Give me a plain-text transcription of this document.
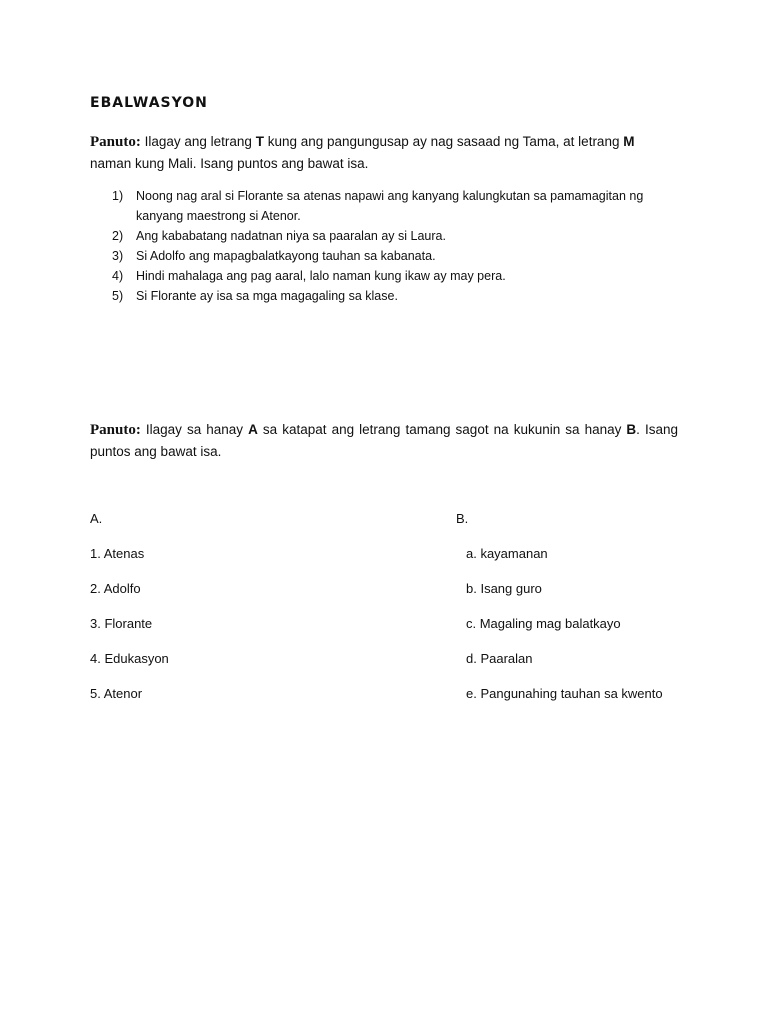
EBALWASYON
Panuto: Ilagay ang letrang T kung ang pangungusap ay nag sasaad ng Tama, at letrang M naman kung Mali. Isang puntos ang bawat isa.
1) Noong nag aral si Florante sa atenas napawi ang kanyang kalungkutan sa pamamagitan ng kanyang maestrong si Atenor.
2) Ang kababatang nadatnan niya sa paaralan ay si Laura.
3) Si Adolfo ang mapagbalatkayong tauhan sa kabanata.
4) Hindi mahalaga ang pag aaral, lalo naman kung ikaw ay may pera.
5) Si Florante ay isa sa mga magagaling sa klase.
Panuto: Ilagay sa hanay A sa katapat ang letrang tamang sagot na kukunin sa hanay B. Isang puntos ang bawat isa.
A.
1. Atenas
2. Adolfo
3. Florante
4. Edukasyon
5. Atenor
B.
a. kayamanan
b. Isang guro
c. Magaling mag balatkayo
d. Paaralan
e. Pangunahing tauhan sa kwento
